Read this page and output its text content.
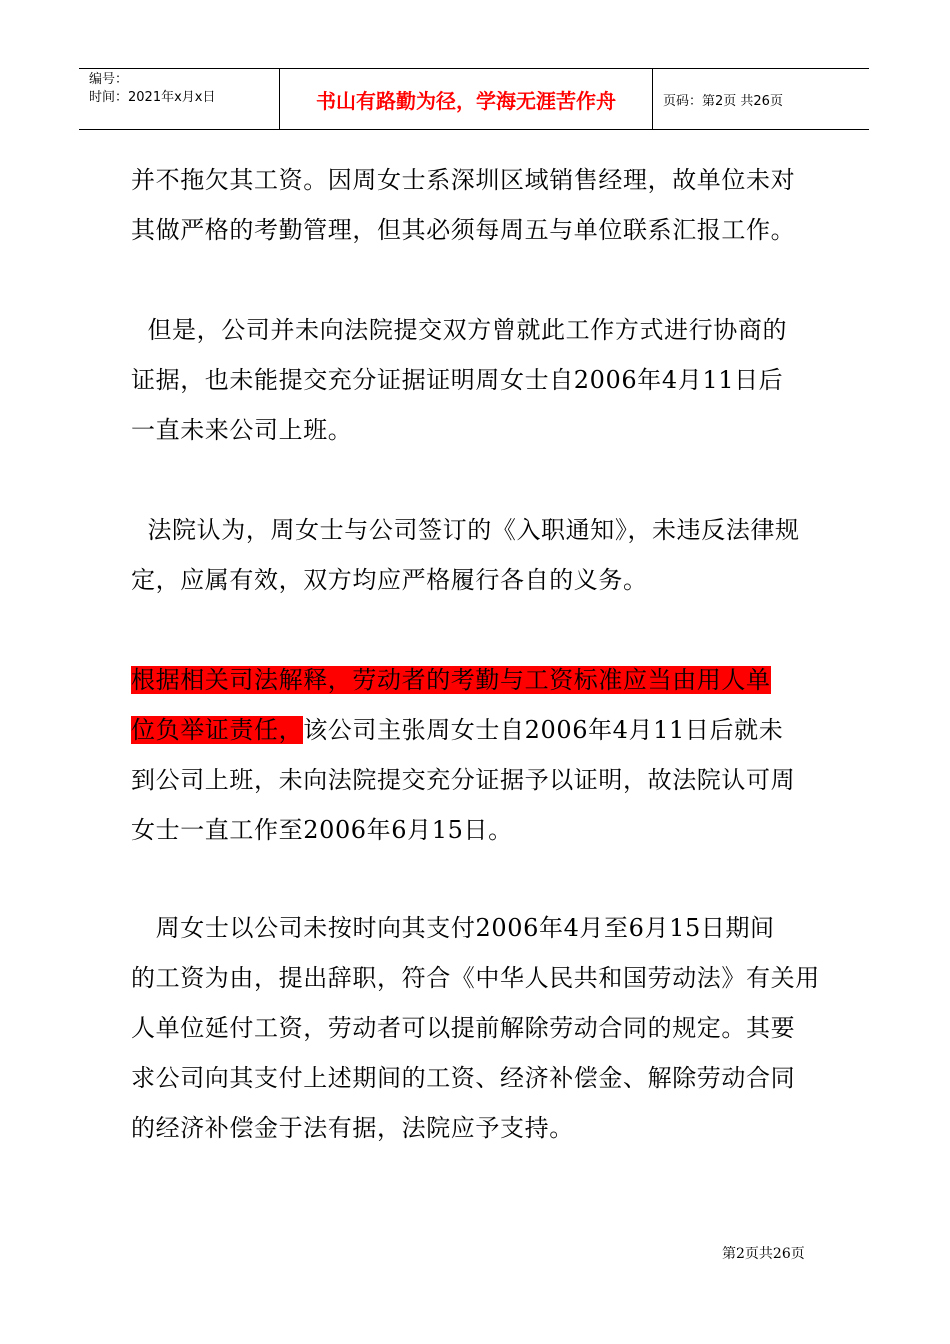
编号：
时间：2021年x月x日	书山有路勤为径，学海无涯苦作舟	页码：第2页 共26页
并不拖欠其工资。因周女士系深圳区域销售经理，故单位未对
其做严格的考勤管理，但其必须每周五与单位联系汇报工作。
但是，公司并未向法院提交双方曾就此工作方式进行协商的
证据，也未能提交充分证据证明周女士自2006年4月11日后
一直未来公司上班。
法院认为，周女士与公司签订的《入职通知》，未违反法律规
定，应属有效，双方均应严格履行各自的义务。
根据相关司法解释，劳动者的考勤与工资标准应当由用人单
位负举证责任，该公司主张周女士自2006年4月11日后就未
到公司上班，未向法院提交充分证据予以证明，故法院认可周
女士一直工作至2006年6月15日。
周女士以公司未按时向其支付2006年4月至6月15日期间
的工资为由，提出辞职，符合《中华人民共和国劳动法》有关用
人单位延付工资，劳动者可以提前解除劳动合同的规定。其要
求公司向其支付上述期间的工资、经济补偿金、解除劳动合同
的经济补偿金于法有据，法院应予支持。
第2页共26页
